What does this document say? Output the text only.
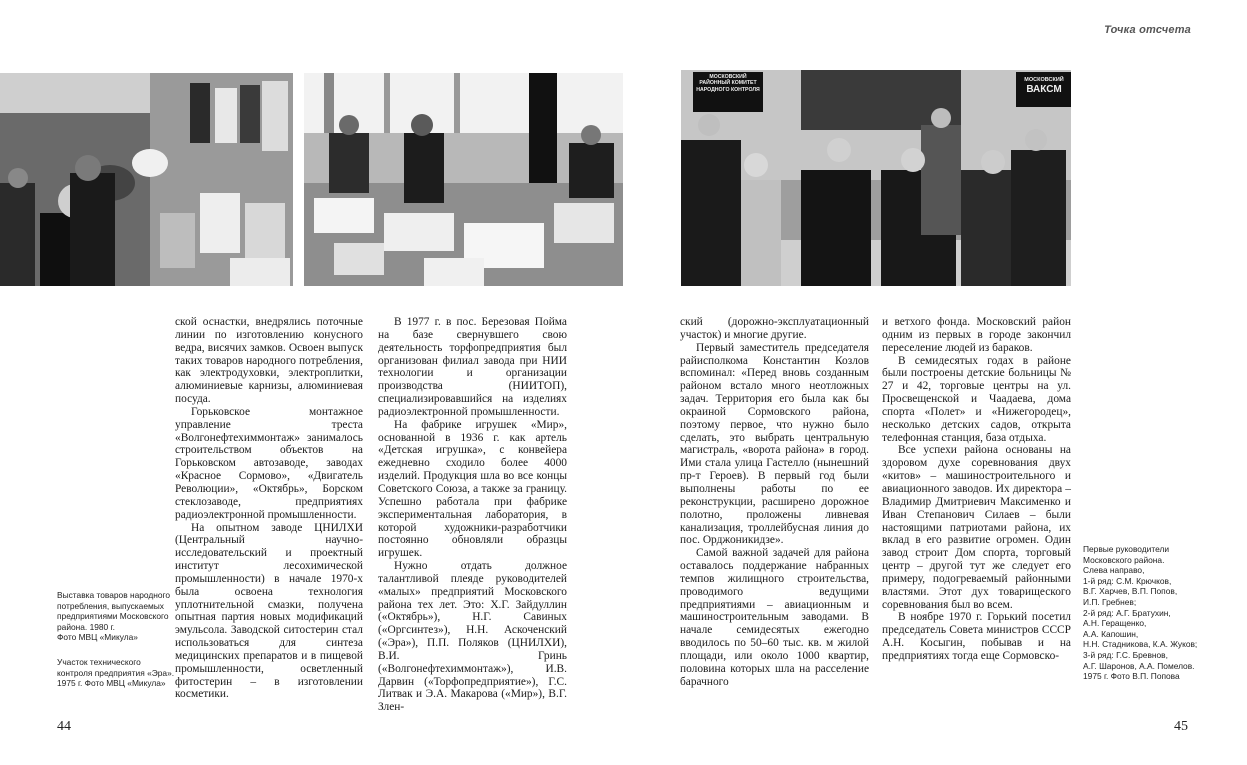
Точка отсчета
МОСКОВСКИЙ
РАЙОННЫЙ КОМИТЕТ
НАРОДНОГО КОНТРОЛЯ
МОСКОВСКИЙ
ВАКСМ
Выставка товаров народного
потребления, выпускаемых
предприятиями Московского
района. 1980 г.
Фото МВЦ «Микула»
Участок технического
контроля предприятия «Эра».
1975 г. Фото МВЦ «Микула»

ской оснастки, внедрялись поточные линии по изготовлению конусного ведра, висячих замков. Освоен выпуск таких товаров народного потребления, как электродуховки, электроплитки, алюминиевые карнизы, алюминиевая посуда.

Горьковское монтажное управление треста «Волгонефтехиммонтаж» занималось строительством объектов на Горьковском автозаводе, заводах «Красное Сормово», «Двигатель Революции», «Октябрь», Борском стеклозаводе, предприятиях радиоэлектронной промышленности.

На опытном заводе ЦНИЛХИ (Центральный научно-исследовательский и проектный институт лесохимической промышленности) в начале 1970-х была освоена технология уплотнительной смазки, получена опытная партия новых модификаций эмульсола. Заводской ситостерин стал использоваться для синтеза медицинских препаратов и в пищевой промышленности, осветленный фитостерин – в изготовлении косметики.

В 1977 г. в пос. Березовая Пойма на базе свернувшего свою деятельность торфопредприятия был организован филиал завода при НИИ технологии и организации производства (НИИТОП), специализировавшийся на изделиях радиоэлектронной промышленности.

На фабрике игрушек «Мир», основанной в 1936 г. как артель «Детская игрушка», с конвейера ежедневно сходило более 4000 изделий. Продукция шла во все концы Советского Союза, а также за границу. Успешно работала при фабрике экспериментальная лаборатория, в которой художники-разработчики постоянно обновляли образцы игрушек.

Нужно отдать должное талантливой плеяде руководителей «малых» предприятий Московского района тех лет. Это: Х.Г. Зайдуллин («Октябрь»), Н.Г. Савиных («Оргсинтез»), Н.Н. Аскоченский («Эра»), П.П. Поляков (ЦНИЛХИ), В.И. Гринь («Волгонефтехиммонтаж»), И.В. Дарвин («Торфопредприятие»), Г.С. Литвак и Э.А. Макарова («Мир»), В.Г. Злен-

ский (дорожно-эксплуатационный участок) и многие другие.

Первый заместитель председателя райисполкома Константин Козлов вспоминал: «Перед вновь созданным районом встало много неотложных задач. Территория его была как бы окраиной Сормовского района, поэтому первое, что нужно было сделать, это выбрать центральную магистраль, «ворота района» в город. Ими стала улица Гастелло (нынешний пр-т Героев). В первый год были выполнены работы по ее реконструкции, расширено дорожное полотно, проложены ливневая канализация, троллейбусная линия до пос. Орджоникидзе».

Самой важной задачей для района оставалось поддержание набранных темпов жилищного строительства, проводимого ведущими предприятиями – авиационным и машиностроительным заводами. В начале семидесятых ежегодно вводилось по 50–60 тыс. кв. м жилой площади, или около 1000 квартир, половина которых шла на расселение барачного

и ветхого фонда. Московский район одним из первых в городе закончил переселение людей из бараков.

В семидесятых годах в районе были построены детские больницы № 27 и 42, торговые центры на ул. Просвещенской и Чаадаева, дома спорта «Полет» и «Нижегородец», несколько детских садов, открыта телефонная станция, база отдыха.

Все успехи района основаны на здоровом духе соревнования двух «китов» – машиностроительного и авиационного заводов. Их директора – Владимир Дмитриевич Максименко и Иван Степанович Силаев – были настоящими патриотами района, их вклад в его развитие огромен. Один завод строит Дом спорта, торговый центр – другой тут же следует его примеру, подогреваемый районными властями. Этот дух товарищеского соревнования был во всем.

В ноябре 1970 г. Горький посетил председатель Совета министров СССР А.Н. Косыгин, побывав и на предприятиях тогда еще Сормовско-

Первые руководители
Московского района.
Слева направо,
1-й ряд: С.М. Крючков,
В.Г. Харчев, В.П. Попов,
И.П. Гребнев;
2-й ряд: А.Г. Братухин,
А.Н. Геращенко,
А.А. Капошин,
Н.Н. Стадникова, К.А. Жуков;
3-й ряд: Г.С. Бревнов,
А.Г. Шаронов, А.А. Помелов.
1975 г. Фото В.П. Попова
44	45
